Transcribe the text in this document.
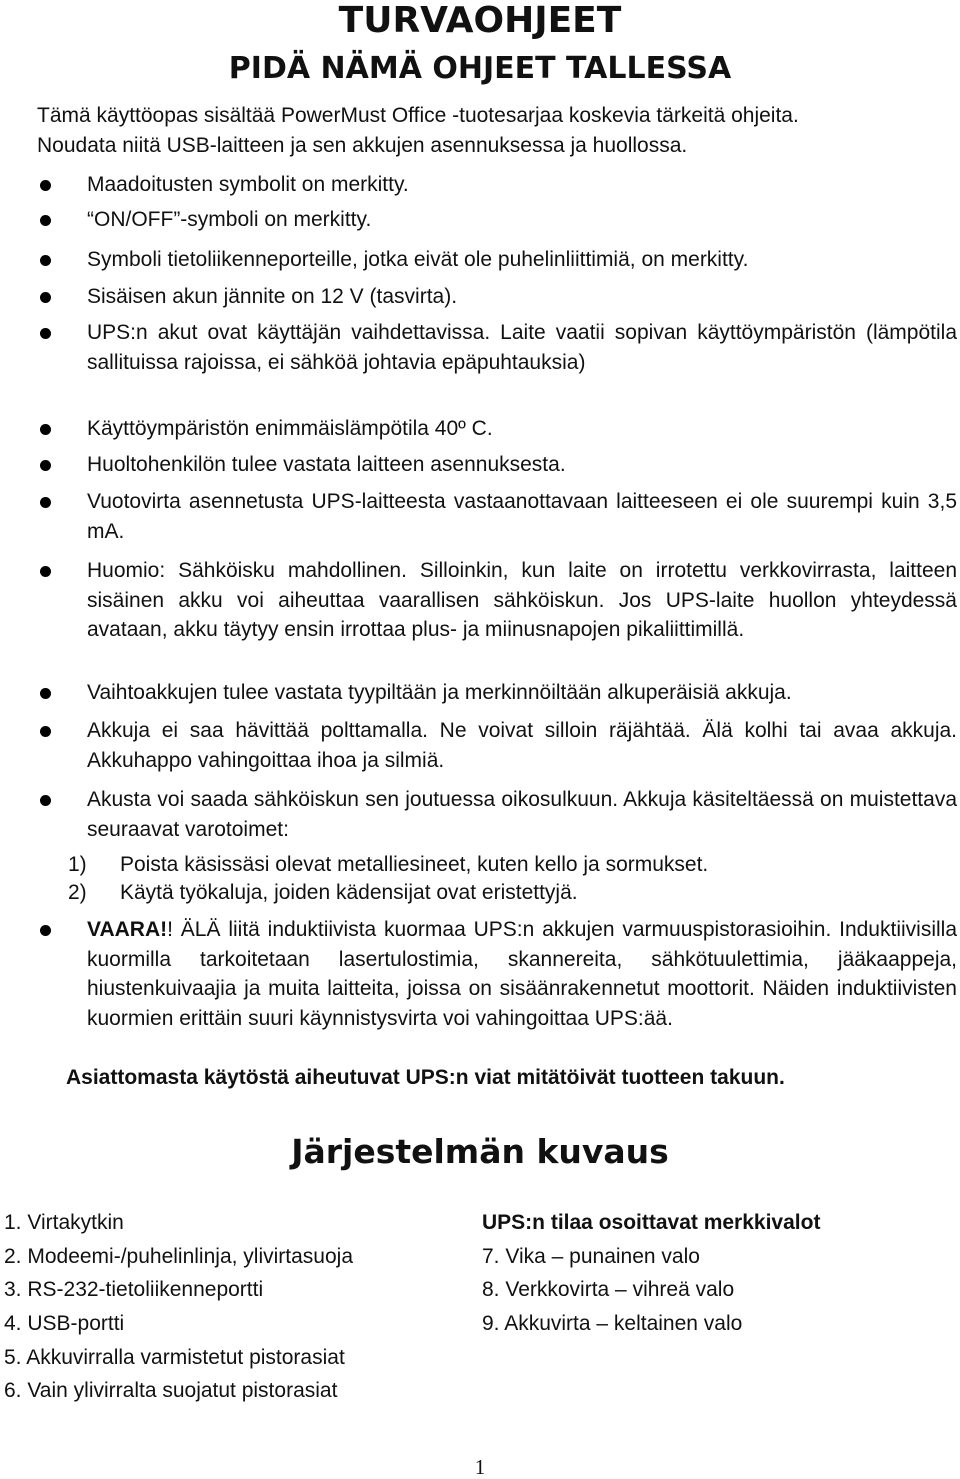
TURVAOHJEET
PIDÄ NÄMÄ OHJEET TALLESSA
Tämä käyttöopas sisältää PowerMust Office -tuotesarjaa koskevia tärkeitä ohjeita.
Noudata niitä USB-laitteen ja sen akkujen asennuksessa ja huollossa.
Maadoitusten symbolit on merkitty.
“ON/OFF”-symboli on merkitty.
Symboli tietoliikenneporteille, jotka eivät ole puhelinliittimiä, on merkitty.
Sisäisen akun jännite on 12 V (tasvirta).
UPS:n akut ovat käyttäjän vaihdettavissa. Laite vaatii sopivan käyttöympäristön (lämpötila sallituissa rajoissa, ei sähköä johtavia epäpuhtauksia)
Käyttöympäristön enimmäislämpötila 40º C.
Huoltohenkilön tulee vastata laitteen asennuksesta.
Vuotovirta asennetusta UPS-laitteesta vastaanottavaan laitteeseen ei ole suurempi kuin 3,5 mA.
Huomio: Sähköisku mahdollinen. Silloinkin, kun laite on irrotettu verkkovirrasta, laitteen sisäinen akku voi aiheuttaa vaarallisen sähköiskun. Jos UPS-laite huollon yhteydessä avataan, akku täytyy ensin irrottaa plus- ja miinusnapojen pikaliittimillä.
Vaihtoakkujen tulee vastata tyypiltään ja merkinnöiltään alkuperäisiä akkuja.
Akkuja ei saa hävittää polttamalla. Ne voivat silloin räjähtää. Älä kolhi tai avaa akkuja. Akkuhappo vahingoittaa ihoa ja silmiä.
Akusta voi saada sähköiskun sen joutuessa oikosulkuun. Akkuja käsiteltäessä on muistettava seuraavat varotoimet:
1) Poista käsissäsi olevat metalliesineet, kuten kello ja sormukset.
2) Käytä työkaluja, joiden kädensijat ovat eristettyjä.
VAARA!! ÄLÄ liitä induktiivista kuormaa UPS:n akkujen varmuuspistorasioihin. Induktiivisilla kuormilla tarkoitetaan lasertulostimia, skannereita, sähkötuulettimia, jääkaappeja, hiustenkuivaajia ja muita laitteita, joissa on sisäänrakennetut moottorit. Näiden induktiivisten kuormien erittäin suuri käynnistysvirta voi vahingoittaa UPS:ää.
Asiattomasta käytöstä aiheutuvat UPS:n viat mitätöivät tuotteen takuun.
Järjestelmän kuvaus
1. Virtakytkin
2. Modeemi-/puhelinlinja, ylivirtasuoja
3. RS-232-tietoliikenneportti
4. USB-portti
5. Akkuvirralla varmistetut pistorasiat
6. Vain ylivirralta suojatut pistorasiat
UPS:n tilaa osoittavat merkkivalot
7. Vika – punainen valo
8. Verkkovirta – vihreä valo
9. Akkuvirta – keltainen valo
1
